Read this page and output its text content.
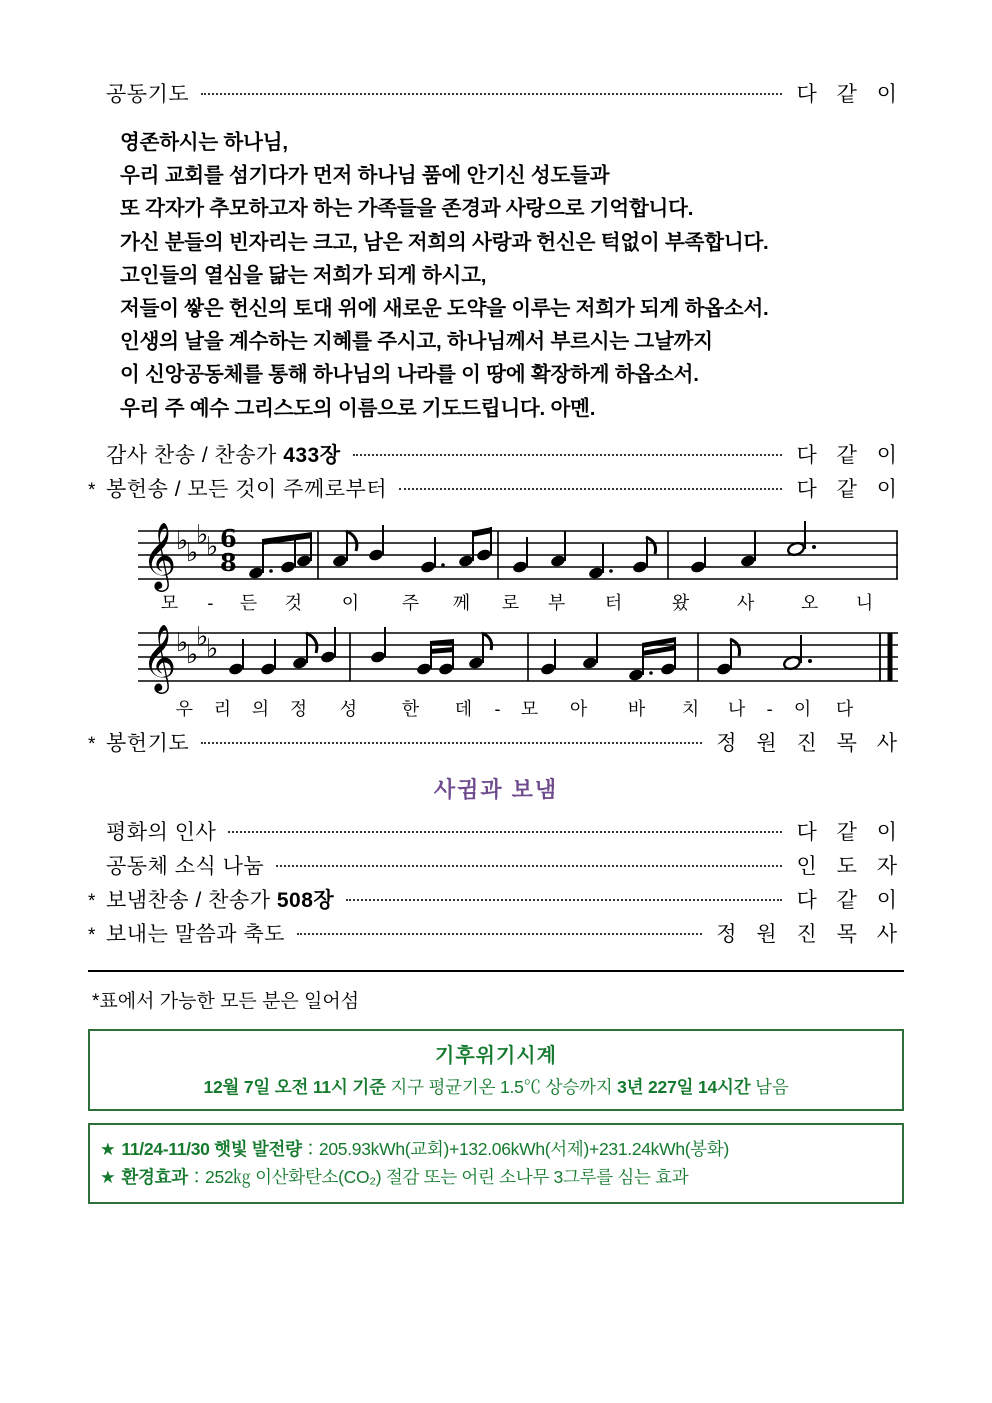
공동기도	다 같 이
영존하시는 하나님,
우리 교회를 섬기다가 먼저 하나님 품에 안기신 성도들과
또 각자가 추모하고자 하는 가족들을 존경과 사랑으로 기억합니다.
가신 분들의 빈자리는 크고, 남은 저희의 사랑과 헌신은 턱없이 부족합니다.
고인들의 열심을 닮는 저희가 되게 하시고,
저들이 쌓은 헌신의 토대 위에 새로운 도약을 이루는 저희가 되게 하옵소서.
인생의 날을 계수하는 지혜를 주시고, 하나님께서 부르시는 그날까지
이 신앙공동체를 통해 하나님의 나라를 이 땅에 확장하게 하옵소서.
우리 주 예수 그리스도의 이름으로 기도드립니다. 아멘.
감사 찬송 / 찬송가 433장	다 같 이
* 봉헌송 / 모든 것이 주께로부터	다 같 이
𝄞 ♭
♭
♭
♭ 6
8
모 - 든 것 이 주 께 로 부 터	왔	사	오 니
𝄞 ♭
♭
♭
♭
우 리 의 정 성 한 데 - 모 아 바 치 나 - 이 다
* 봉헌기도	정 원 진 목 사
사귐과 보냄
평화의 인사	다 같 이
공동체 소식 나눔	인 도 자
* 보냄찬송 / 찬송가 508장	다 같 이
* 보내는 말씀과 축도	정 원 진 목 사
*표에서 가능한 모든 분은 일어섬
기후위기시계
12월 7일 오전 11시 기준 지구 평균기온 1.5℃ 상승까지 3년 227일 14시간 남음
★ 11/24-11/30 햇빛 발전량：205.93kWh(교회)+132.06kWh(서제)+231.24kWh(봉화)
★ 환경효과：252㎏ 이산화탄소(CO₂) 절감 또는 어린 소나무 3그루를 심는 효과
